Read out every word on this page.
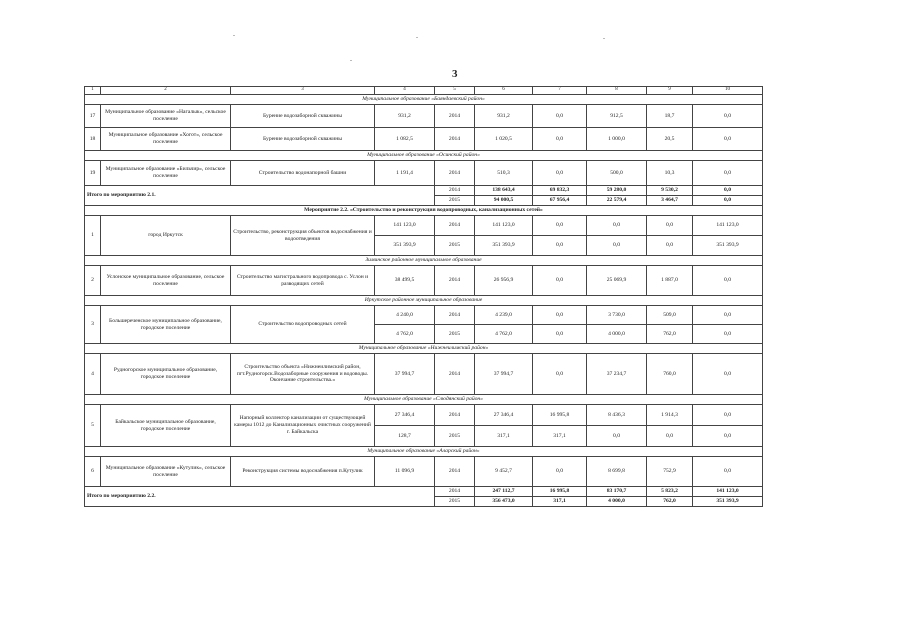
3
1	2	3	4	5	6	7	8	9	10
Муниципальное образование «Баяндаевский район»									
17	Муниципальное образование «Нагалык», сельское поселение	Бурение водозаборной скважины	931,2	2014	931,2	0,0	912,5	18,7	0,0
18	Муниципальное образование «Хогот», сельское поселение	Бурение водозаборной скважины	1 082,5	2014	1 020,5	0,0	1 000,0	20,5	0,0
Муниципальное образование «Осинский район»									
19	Муниципальное образование «Бильчир», сельское поселение	Строительство водонапорной башни	1 191,4	2014	510,3	0,0	500,0	10,3	0,0
Итого по мероприятию 2.1.				2014	138 643,4	69 832,3	59 280,0	9 530,2	0,0
				2015	94 000,5	67 956,4	22 579,4	3 464,7	0,0
Мероприятие 2.2. «Строительство и реконструкция водопроводных, канализационных сетей»									
1	город Иркутск	Строительство, реконструкция объектов водоснабжения и водоотведения	141 123,0	2014	141 123,0	0,0	0,0	0,0	141 123,0
			351 393,9	2015	351 393,9	0,0	0,0	0,0	351 393,9
Зиминское районное муниципальное образование									
2	Услонское муниципальное образование, сельское поселение	Строительство магистрального водопровода с. Услон и разводящих сетей	38 499,5	2014	26 956,9	0,0	25 069,9	1 887,0	0,0
Иркутское районное муниципальное образование									
3	Большереченское муниципальное образование, городское поселение	Строительство водопроводных сетей	4 240,0	2014	4 239,0	0,0	3 730,0	509,0	0,0
			4 762,0	2015	4 762,0	0,0	4 000,0	762,0	0,0
Муниципальное образование «Нижнеилимский район»									
4	Рудногорское муниципальное образование, городское поселение	Строительство объекта «Нижнеилимский район, пгт.Рудногорск.Водозаборные сооружения и водоводы. Окончание строительства.»	37 994,7	2014	37 994,7	0,0	37 234,7	760,0	0,0
Муниципальное образование «Слюдянский район»									
5	Байкальское муниципальное образование, городское поселение	Напорный коллектор канализации от существующей камеры 1012 до Канализационных очистных сооружений г. Байкальска	27 346,4	2014	27 346,4	16 995,8	8 436,3	1 914,3	0,0
			128,7	2015	317,1	317,1	0,0	0,0	0,0
Муниципальное образование «Аларский район»									
6	Муниципальное образование «Кутулик», сельское поселение	Реконструкция системы водоснабжения п.Кутулик	11 096,9	2014	9 452,7	0,0	8 699,8	752,9	0,0
Итого по мероприятию 2.2.				2014	247 112,7	16 995,8	83 170,7	5 823,2	141 123,0
				2015	356 473,0	317,1	4 000,0	762,0	351 393,9
